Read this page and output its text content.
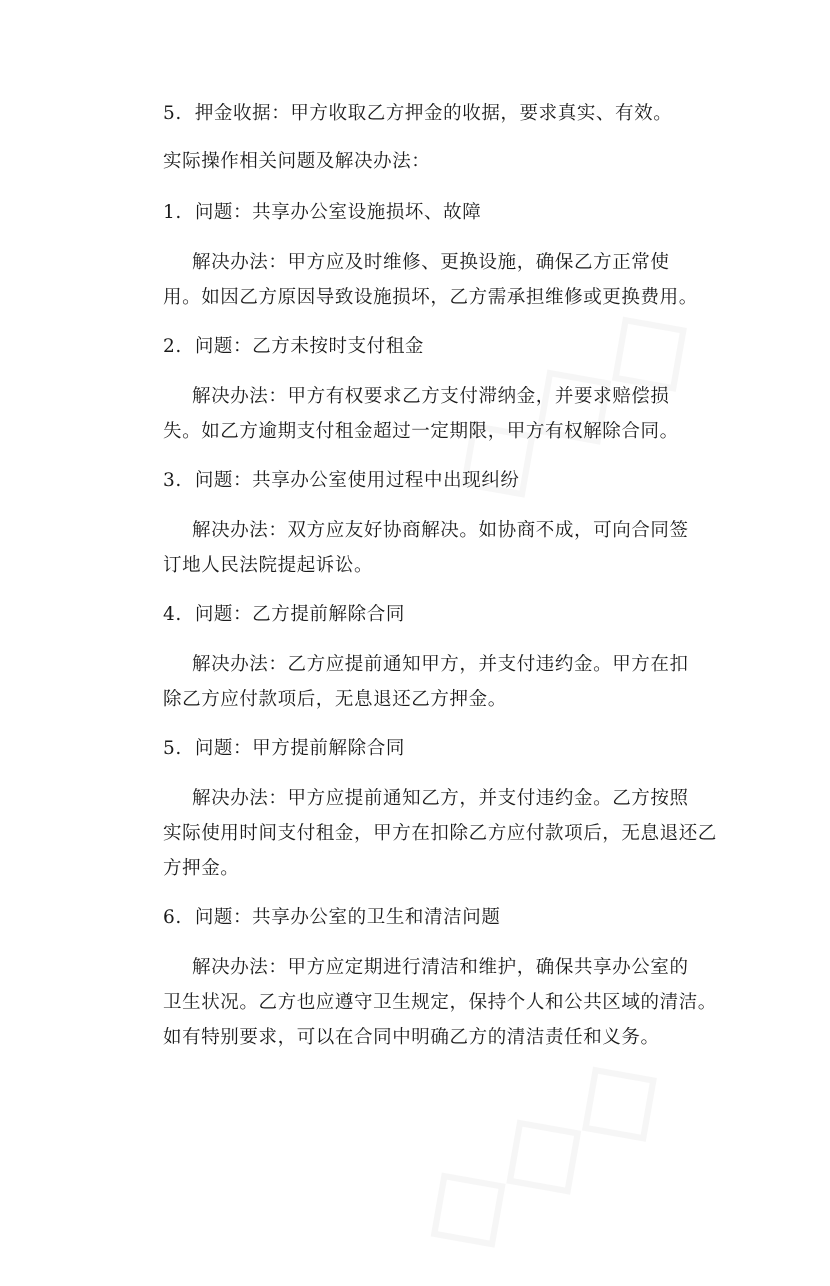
5. 押金收据：甲方收取乙方押金的收据，要求真实、有效。
实际操作相关问题及解决办法：
1. 问题：共享办公室设施损坏、故障
解决办法：甲方应及时维修、更换设施，确保乙方正常使
用。如因乙方原因导致设施损坏，乙方需承担维修或更换费用。
2. 问题：乙方未按时支付租金
解决办法：甲方有权要求乙方支付滞纳金，并要求赔偿损
失。如乙方逾期支付租金超过一定期限，甲方有权解除合同。
3. 问题：共享办公室使用过程中出现纠纷
解决办法：双方应友好协商解决。如协商不成，可向合同签
订地人民法院提起诉讼。
4. 问题：乙方提前解除合同
解决办法：乙方应提前通知甲方，并支付违约金。甲方在扣
除乙方应付款项后，无息退还乙方押金。
5. 问题：甲方提前解除合同
解决办法：甲方应提前通知乙方，并支付违约金。乙方按照
实际使用时间支付租金，甲方在扣除乙方应付款项后，无息退还乙
方押金。
6. 问题：共享办公室的卫生和清洁问题
解决办法：甲方应定期进行清洁和维护，确保共享办公室的
卫生状况。乙方也应遵守卫生规定，保持个人和公共区域的清洁。
如有特别要求，可以在合同中明确乙方的清洁责任和义务。
